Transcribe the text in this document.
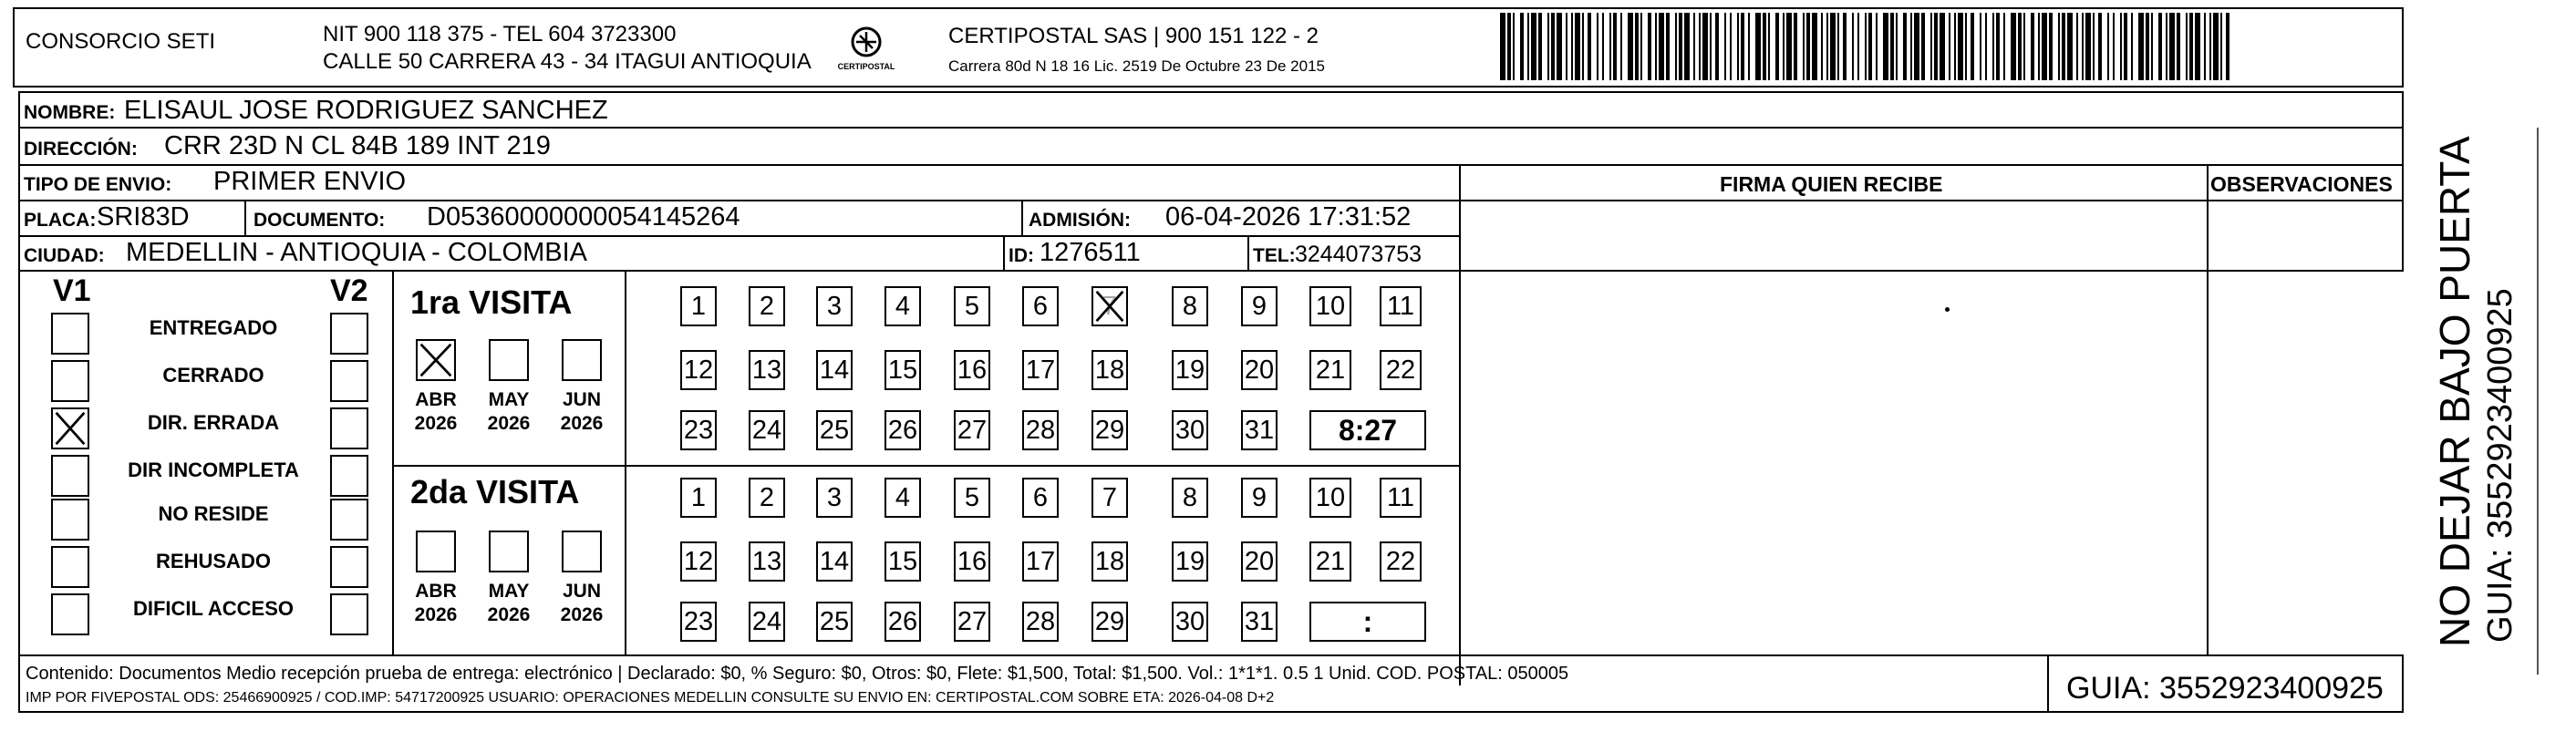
CONSORCIO SETI	NIT 900 118 375 - TEL 604 3723300
CALLE 50 CARRERA 43 - 34 ITAGUI ANTIOQUIA	CERTIPOSTAL
CERTIPOSTAL SAS | 900 151 122 - 2
Carrera 80d N 18 16 Lic. 2519 De Octubre 23 De 2015
NOMBRE: ELISAUL JOSE RODRIGUEZ SANCHEZ
DIRECCIÓN: CRR 23D N CL 84B 189 INT 219
TIPO DE ENVIO: PRIMER ENVIO	FIRMA QUIEN RECIBE	OBSERVACIONES
PLACA: SRI83D	DOCUMENTO: D05360000000054145264	ADMISIÓN: 06-04-2026 17:31:52
CIUDAD: MEDELLIN - ANTIOQUIA - COLOMBIA	ID: 1276511	TEL: 3244073753
V1	V2
ENTREGADO
CERRADO
DIR. ERRADA
DIR INCOMPLETA
NO RESIDE
REHUSADO
DIFICIL ACCESO
1ra VISITA
ABR
2026
MAY
2026
JUN
2026
1 2 3 4 5 6 7 8 9 10 11
12 13 14 15 16 17 18 19 20 21 22
23 24 25 26 27 28 29 30 31 8:27
2da VISITA
ABR
2026
MAY
2026
JUN
2026
1 2 3 4 5 6 7 8 9 10 11
12 13 14 15 16 17 18 19 20 21 22
23 24 25 26 27 28 29 30 31	:
Contenido: Documentos Medio recepción prueba de entrega: electrónico | Declarado: $0, % Seguro: $0, Otros: $0, Flete: $1,500, Total: $1,500. Vol.: 1*1*1. 0.5 1 Unid. COD. POSTAL: 050005
IMP POR FIVEPOSTAL ODS: 25466900925 / COD.IMP: 54717200925 USUARIO: OPERACIONES MEDELLIN CONSULTE SU ENVIO EN: CERTIPOSTAL.COM SOBRE ETA: 2026-04-08 D+2	GUIA: 3552923400925
NO DEJAR BAJO PUERTA GUIA: 3552923400925
